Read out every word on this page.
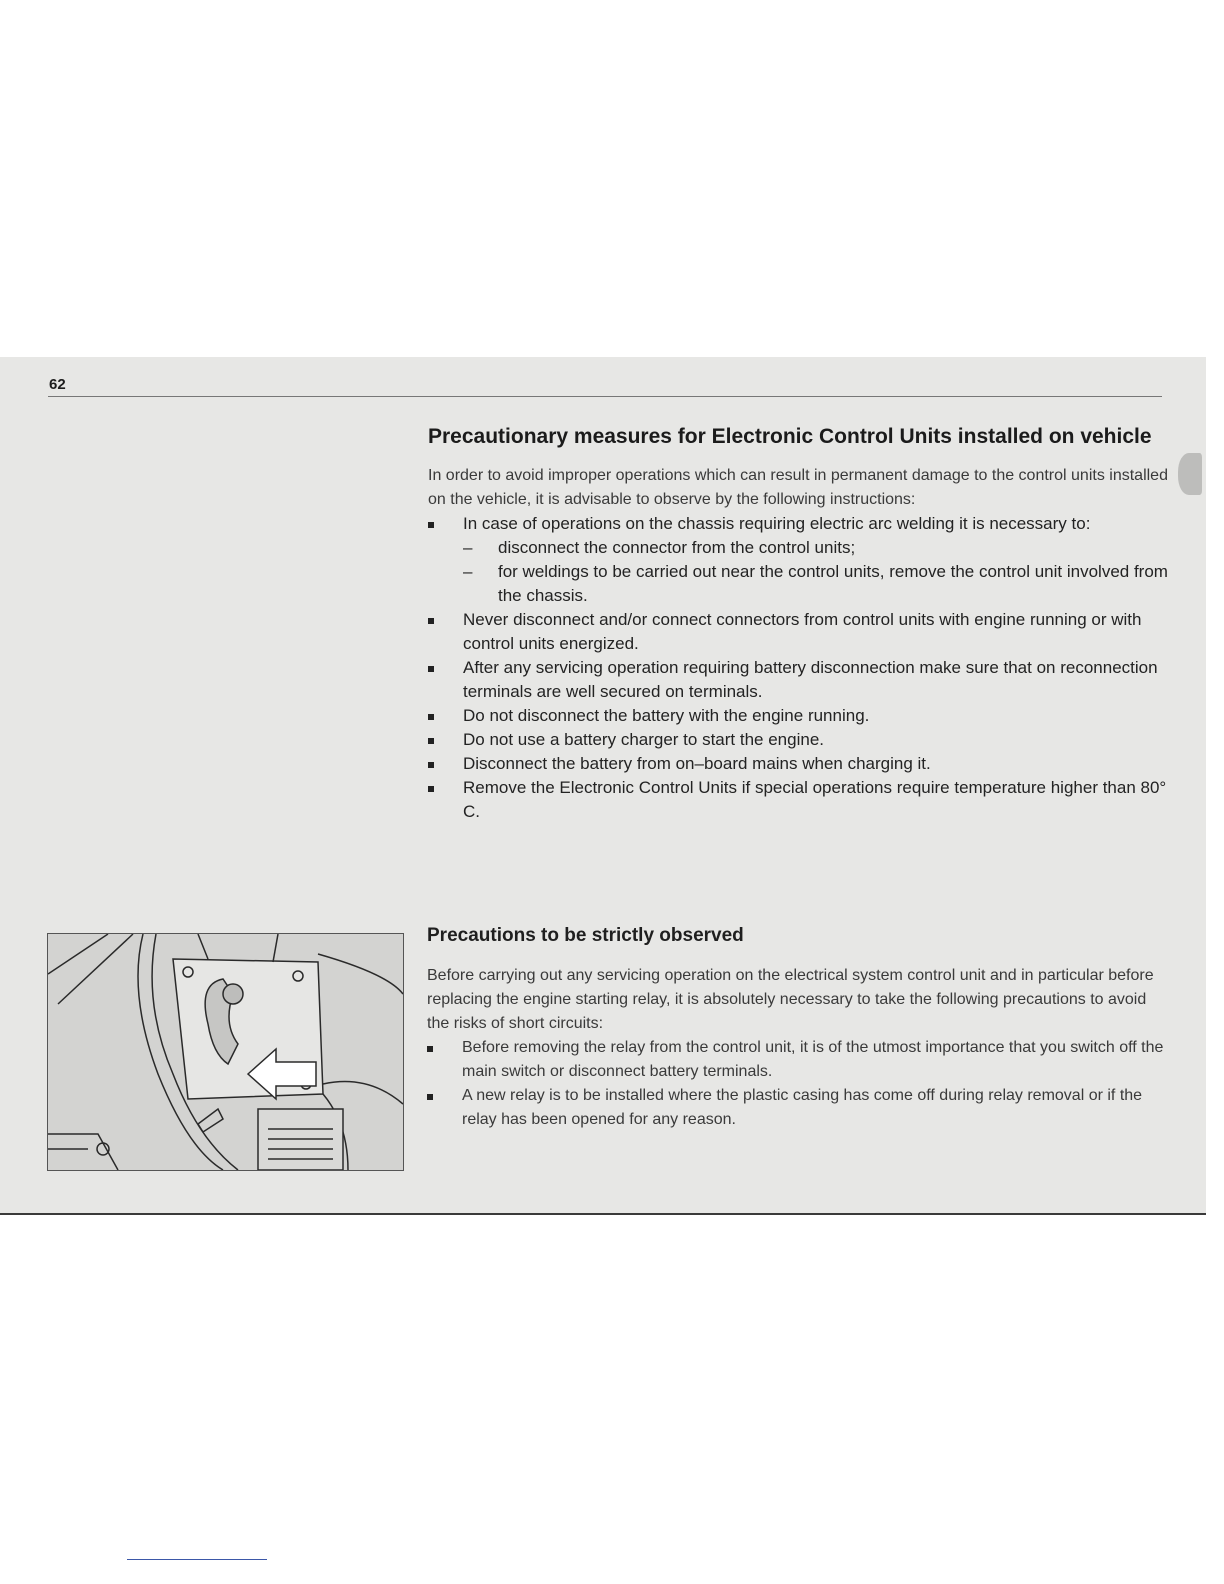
62
Precautionary measures for Electronic Control Units installed on vehicle

In order to avoid improper operations which can result in permanent damage to the control units installed on the vehicle, it is advisable to observe by the following instructions:

In case of operations on the chassis requiring electric arc welding it is necessary to:
– disconnect the connector from the control units;
– for weldings to be carried out near the control units, remove the control unit involved from the chassis.
Never disconnect and/or connect connectors from control units with engine running or with control units energized.
After any servicing operation requiring battery disconnection make sure that on reconnection terminals are well secured on terminals.
Do not disconnect the battery with the engine running.
Do not use a battery charger to start the engine.
Disconnect the battery from on–board mains when charging it.
Remove the Electronic Control Units if special operations require temperature higher than 80° C.
Precautions to be strictly observed

Before carrying out any servicing operation on the electrical system control unit and in particular before replacing the engine starting relay, it is absolutely necessary to take the following precautions to avoid the risks of short circuits:

Before removing the relay from the control unit, it is of the utmost importance that you switch off the main switch or disconnect battery terminals.
A new relay is to be installed where the plastic casing has come off during relay removal or if the relay has been opened for any reason.
